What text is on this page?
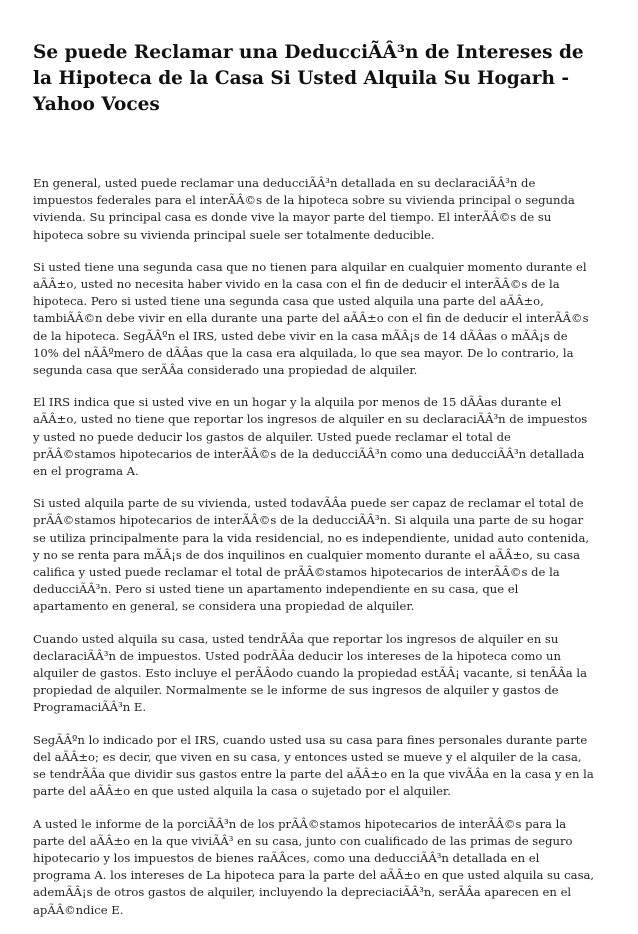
Se puede Reclamar una DeducciÃÂ³n de Intereses de la Hipoteca de la Casa Si Usted Alquila Su Hogarh - Yahoo Voces

En general, usted puede reclamar una deducciÃÂ³n detallada en su declaraciÃÂ³n de impuestos federales para el interÃÂ©s de la hipoteca sobre su vivienda principal o segunda vivienda. Su principal casa es donde vive la mayor parte del tiempo. El interÃÂ©s de su hipoteca sobre su vivienda principal suele ser totalmente deducible.

Si usted tiene una segunda casa que no tienen para alquilar en cualquier momento durante el aÃÂ±o, usted no necesita haber vivido en la casa con el fin de deducir el interÃÂ©s de la hipoteca. Pero si usted tiene una segunda casa que usted alquila una parte del aÃÂ±o, tambiÃÂ©n debe vivir en ella durante una parte del aÃÂ±o con el fin de deducir el interÃÂ©s de la hipoteca. SegÃÂºn el IRS, usted debe vivir en la casa mÃÂ¡s de 14 dÃÂas o mÃÂ¡s de 10% del nÃÂºmero de dÃÂas que la casa era alquilada, lo que sea mayor. De lo contrario, la segunda casa que serÃÂa considerado una propiedad de alquiler.

El IRS indica que si usted vive en un hogar y la alquila por menos de 15 dÃÂas durante el aÃÂ±o, usted no tiene que reportar los ingresos de alquiler en su declaraciÃÂ³n de impuestos y usted no puede deducir los gastos de alquiler. Usted puede reclamar el total de prÃÂ©stamos hipotecarios de interÃÂ©s de la deducciÃÂ³n como una deducciÃÂ³n detallada en el programa A.

Si usted alquila parte de su vivienda, usted todavÃÂa puede ser capaz de reclamar el total de prÃÂ©stamos hipotecarios de interÃÂ©s de la deducciÃÂ³n. Si alquila una parte de su hogar se utiliza principalmente para la vida residencial, no es independiente, unidad auto contenida, y no se renta para mÃÂ¡s de dos inquilinos en cualquier momento durante el aÃÂ±o, su casa califica y usted puede reclamar el total de prÃÂ©stamos hipotecarios de interÃÂ©s de la deducciÃÂ³n. Pero si usted tiene un apartamento independiente en su casa, que el apartamento en general, se considera una propiedad de alquiler.

Cuando usted alquila su casa, usted tendrÃÂa que reportar los ingresos de alquiler en su declaraciÃÂ³n de impuestos. Usted podrÃÂa deducir los intereses de la hipoteca como un alquiler de gastos. Esto incluye el perÃÂodo cuando la propiedad estÃÂ¡ vacante, si tenÃÂa la propiedad de alquiler. Normalmente se le informe de sus ingresos de alquiler y gastos de ProgramaciÃÂ³n E.

SegÃÂºn lo indicado por el IRS, cuando usted usa su casa para fines personales durante parte del aÃÂ±o; es decir, que viven en su casa, y entonces usted se mueve y el alquiler de la casa, se tendrÃÂa que dividir sus gastos entre la parte del aÃÂ±o en la que vivÃÂa en la casa y en la parte del aÃÂ±o en que usted alquila la casa o sujetado por el alquiler.

A usted le informe de la porciÃÂ³n de los prÃÂ©stamos hipotecarios de interÃÂ©s para la parte del aÃÂ±o en la que viviÃÂ³ en su casa, junto con cualificado de las primas de seguro hipotecario y los impuestos de bienes raÃÂces, como una deducciÃÂ³n detallada en el programa A. los intereses de La hipoteca para la parte del aÃÂ±o en que usted alquila su casa, ademÃÂ¡s de otros gastos de alquiler, incluyendo la depreciaciÃÂ³n, serÃÂa aparecen en el apÃÂ©ndice E.
